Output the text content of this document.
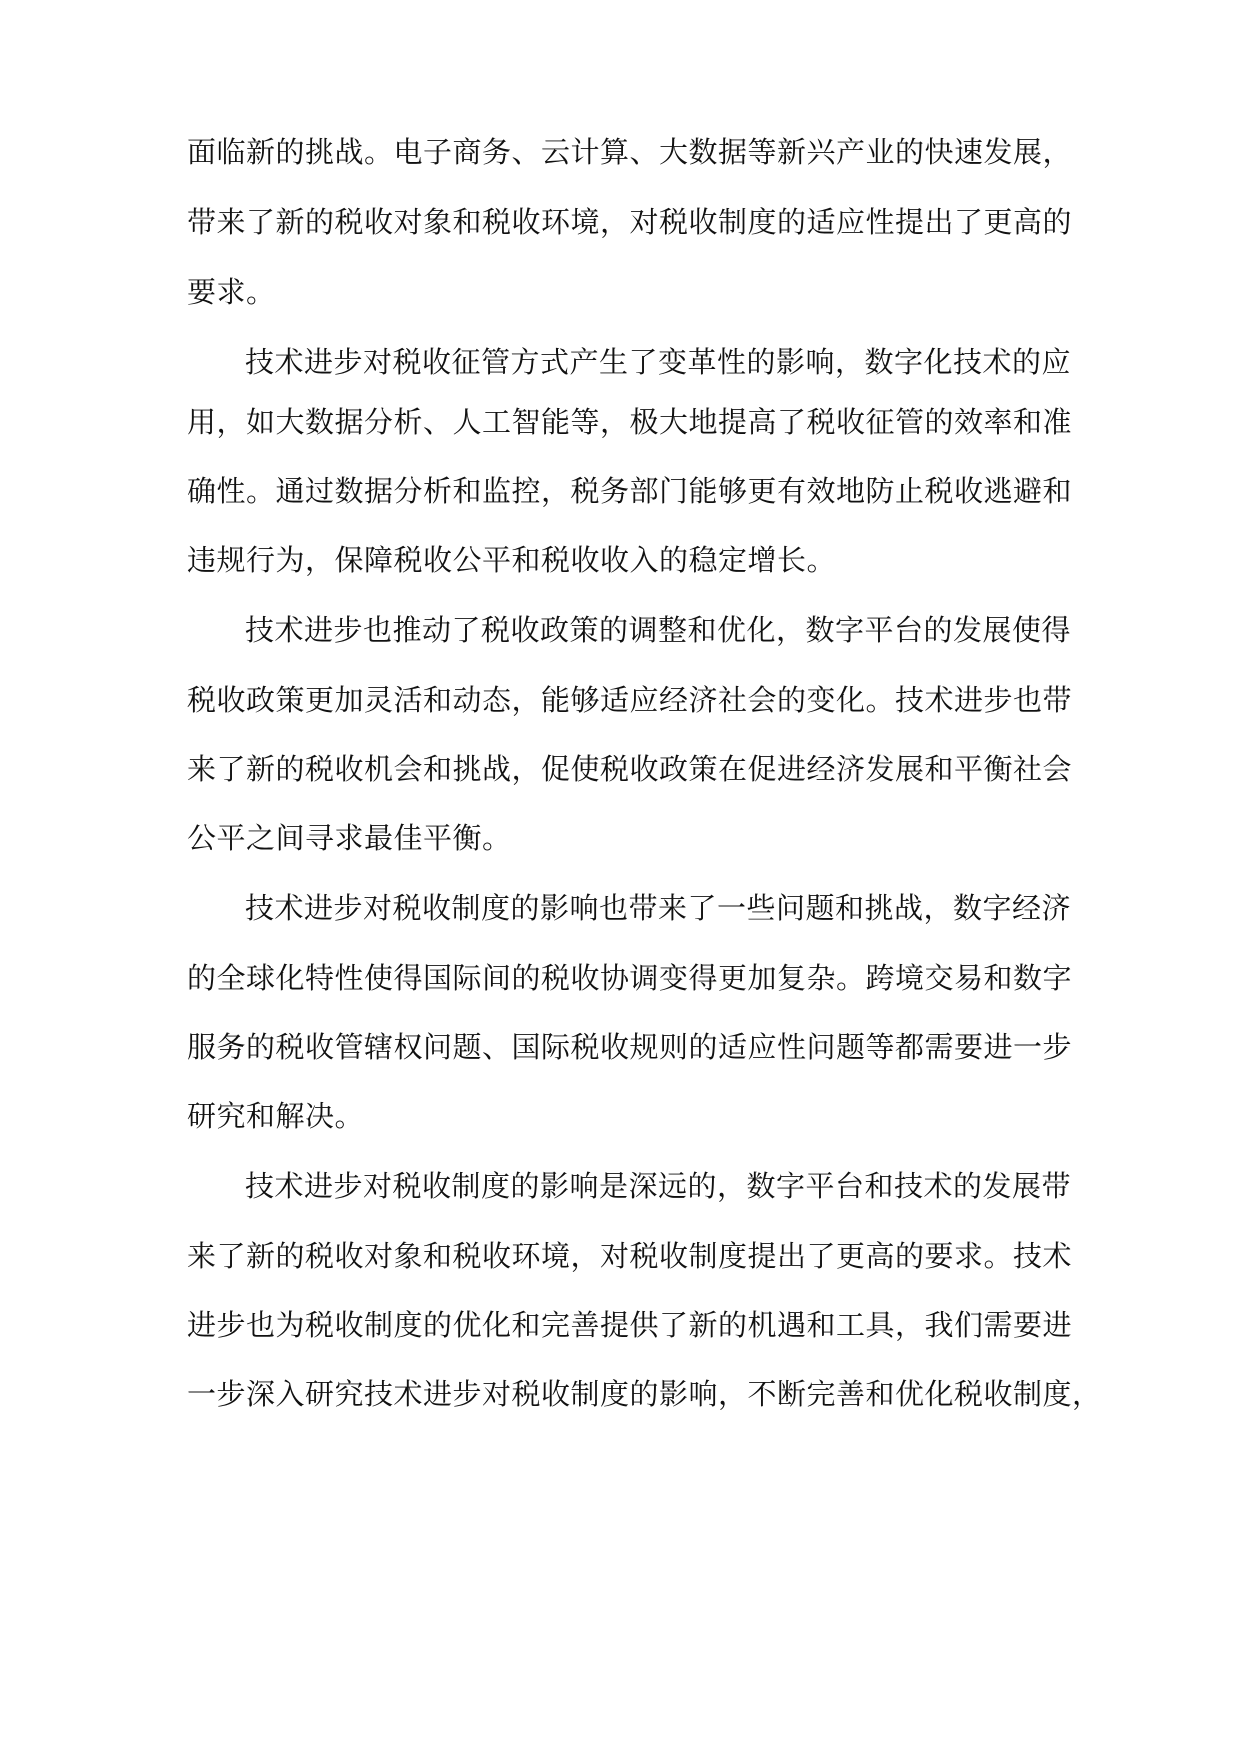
面临新的挑战。电子商务、云计算、大数据等新兴产业的快速发展，
带来了新的税收对象和税收环境，对税收制度的适应性提出了更高的
要求。
技术进步对税收征管方式产生了变革性的影响，数字化技术的应
用，如大数据分析、人工智能等，极大地提高了税收征管的效率和准
确性。通过数据分析和监控，税务部门能够更有效地防止税收逃避和
违规行为，保障税收公平和税收收入的稳定增长。
技术进步也推动了税收政策的调整和优化，数字平台的发展使得
税收政策更加灵活和动态，能够适应经济社会的变化。技术进步也带
来了新的税收机会和挑战，促使税收政策在促进经济发展和平衡社会
公平之间寻求最佳平衡。
技术进步对税收制度的影响也带来了一些问题和挑战，数字经济
的全球化特性使得国际间的税收协调变得更加复杂。跨境交易和数字
服务的税收管辖权问题、国际税收规则的适应性问题等都需要进一步
研究和解决。
技术进步对税收制度的影响是深远的，数字平台和技术的发展带
来了新的税收对象和税收环境，对税收制度提出了更高的要求。技术
进步也为税收制度的优化和完善提供了新的机遇和工具，我们需要进
一步深入研究技术进步对税收制度的影响，不断完善和优化税收制度，
